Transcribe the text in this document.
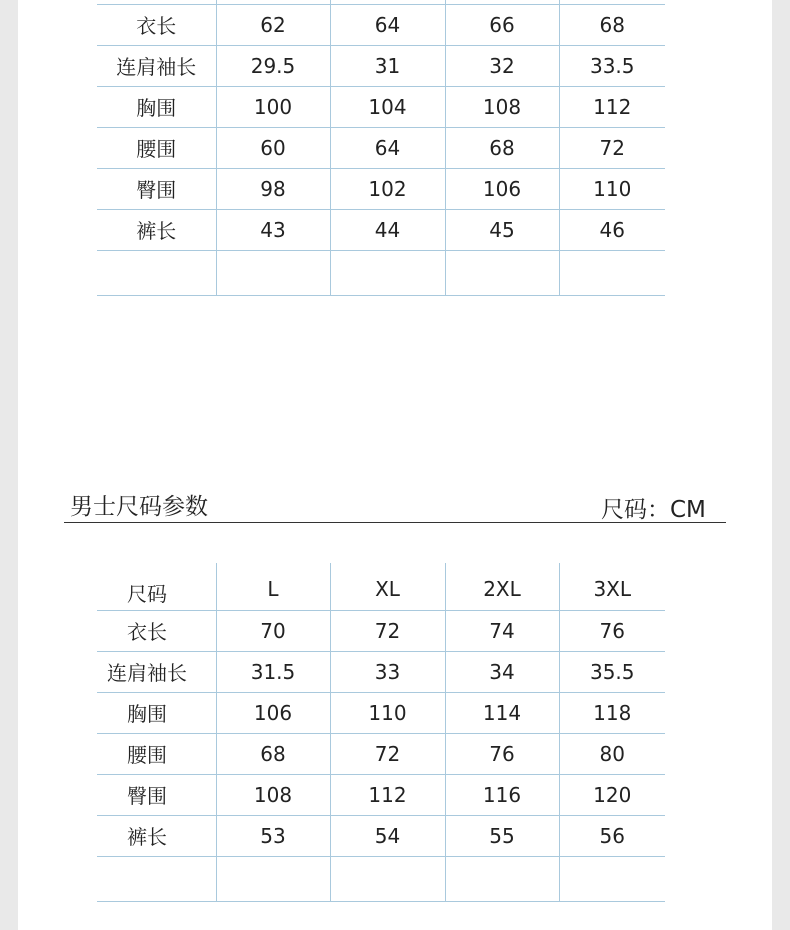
衣长	62	64	66	68
连肩袖长	29.5	31	32	33.5
胸围	100	104	108	112
腰围	60	64	68	72
臀围	98	102	106	110
裤长	43	44	45	46

男士尺码参数	尺码：CM
尺码	L	XL	2XL	3XL
衣长	70	72	74	76
连肩袖长	31.5	33	34	35.5
胸围	106	110	114	118
腰围	68	72	76	80
臀围	108	112	116	120
裤长	53	54	55	56
